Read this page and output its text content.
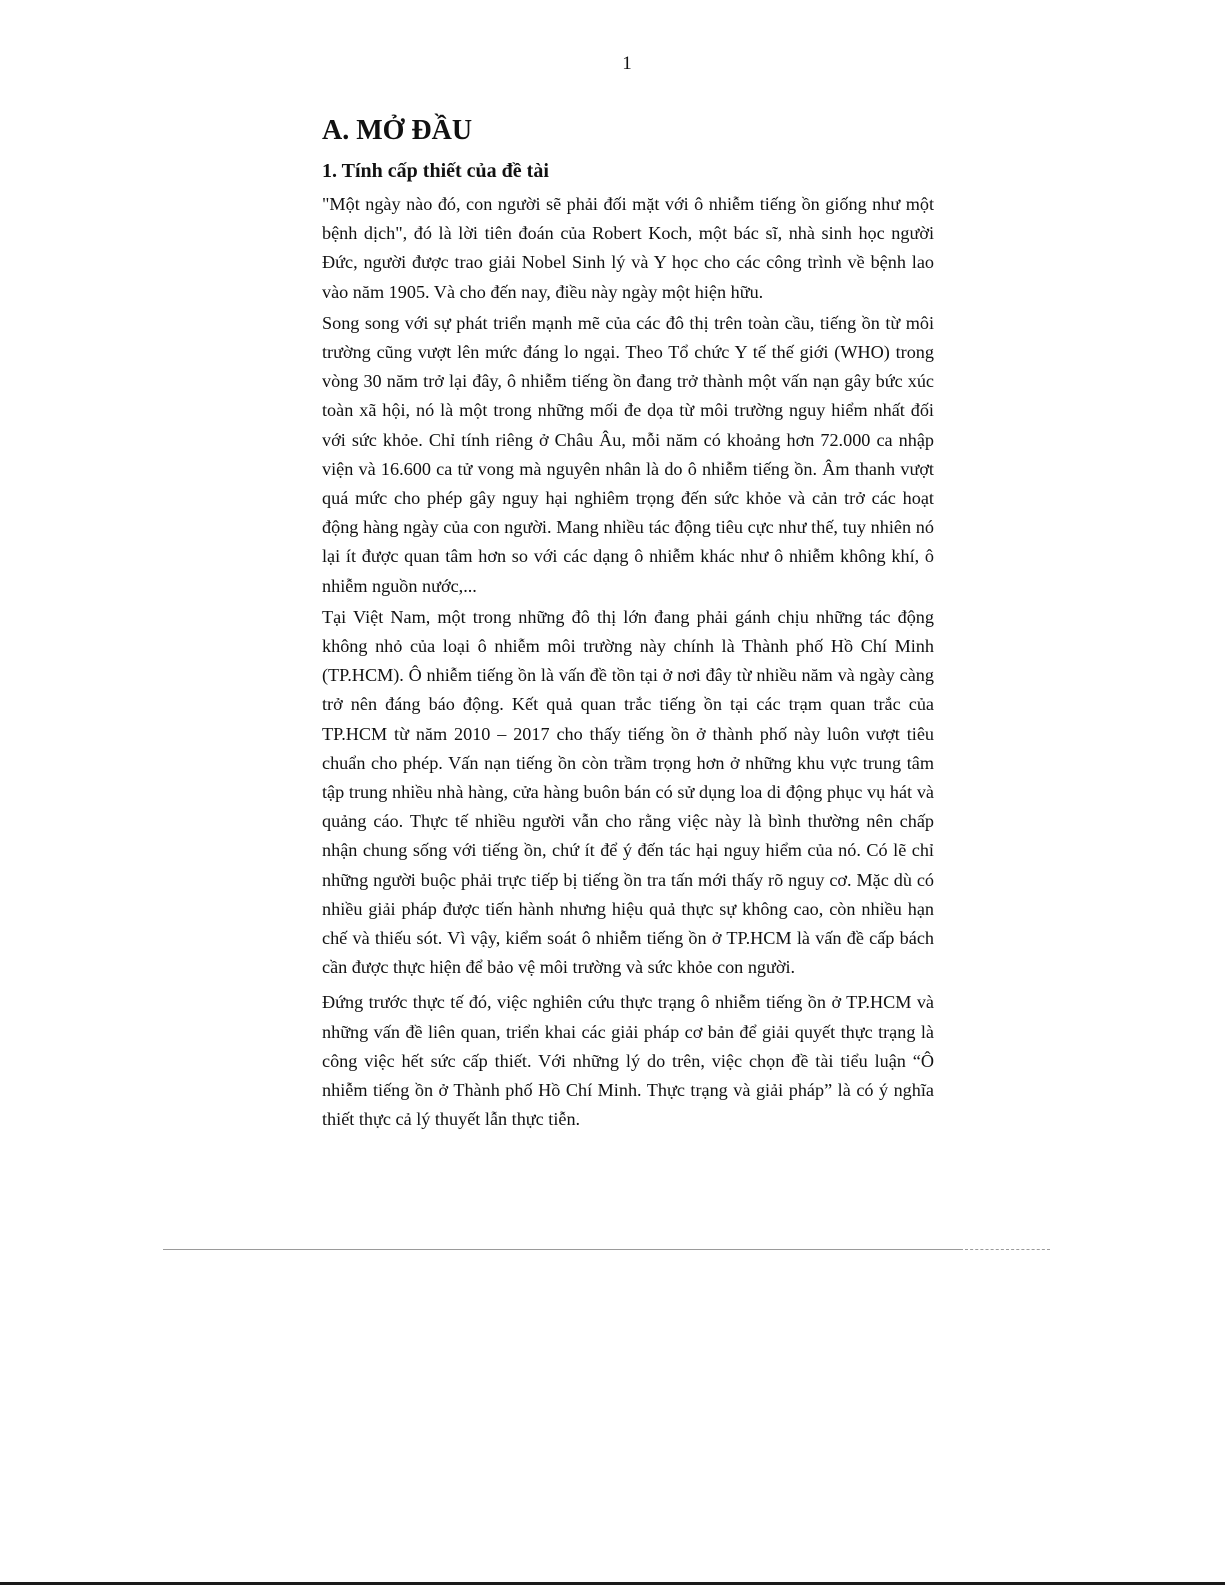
1
A. MỞ ĐẦU
1. Tính cấp thiết của đề tài

"Một ngày nào đó, con người sẽ phải đối mặt với ô nhiễm tiếng ồn giống như một bệnh dịch", đó là lời tiên đoán của Robert Koch, một bác sĩ, nhà sinh học người Đức, người được trao giải Nobel Sinh lý và Y học cho các công trình về bệnh lao vào năm 1905. Và cho đến nay, điều này ngày một hiện hữu.

Song song với sự phát triển mạnh mẽ của các đô thị trên toàn cầu, tiếng ồn từ môi trường cũng vượt lên mức đáng lo ngại. Theo Tổ chức Y tế thế giới (WHO) trong vòng 30 năm trở lại đây, ô nhiễm tiếng ồn đang trở thành một vấn nạn gây bức xúc toàn xã hội, nó là một trong những mối đe dọa từ môi trường nguy hiểm nhất đối với sức khỏe. Chỉ tính riêng ở Châu Âu, mỗi năm có khoảng hơn 72.000 ca nhập viện và 16.600 ca tử vong mà nguyên nhân là do ô nhiễm tiếng ồn. Âm thanh vượt quá mức cho phép gây nguy hại nghiêm trọng đến sức khỏe và cản trở các hoạt động hàng ngày của con người. Mang nhiều tác động tiêu cực như thế, tuy nhiên nó lại ít được quan tâm hơn so với các dạng ô nhiễm khác như ô nhiễm không khí, ô nhiễm nguồn nước,...

Tại Việt Nam, một trong những đô thị lớn đang phải gánh chịu những tác động không nhỏ của loại ô nhiễm môi trường này chính là Thành phố Hồ Chí Minh (TP.HCM). Ô nhiễm tiếng ồn là vấn đề tồn tại ở nơi đây từ nhiều năm và ngày càng trở nên đáng báo động. Kết quả quan trắc tiếng ồn tại các trạm quan trắc của TP.HCM từ năm 2010 – 2017 cho thấy tiếng ồn ở thành phố này luôn vượt tiêu chuẩn cho phép. Vấn nạn tiếng ồn còn trầm trọng hơn ở những khu vực trung tâm tập trung nhiều nhà hàng, cửa hàng buôn bán có sử dụng loa di động phục vụ hát và quảng cáo. Thực tế nhiều người vẫn cho rằng việc này là bình thường nên chấp nhận chung sống với tiếng ồn, chứ ít để ý đến tác hại nguy hiểm của nó. Có lẽ chỉ những người buộc phải trực tiếp bị tiếng ồn tra tấn mới thấy rõ nguy cơ. Mặc dù có nhiều giải pháp được tiến hành nhưng hiệu quả thực sự không cao, còn nhiều hạn chế và thiếu sót. Vì vậy, kiểm soát ô nhiễm tiếng ồn ở TP.HCM là vấn đề cấp bách cần được thực hiện để bảo vệ môi trường và sức khỏe con người.

Đứng trước thực tế đó, việc nghiên cứu thực trạng ô nhiễm tiếng ồn ở TP.HCM và những vấn đề liên quan, triển khai các giải pháp cơ bản để giải quyết thực trạng là công việc hết sức cấp thiết. Với những lý do trên, việc chọn đề tài tiểu luận “Ô nhiễm tiếng ồn ở Thành phố Hồ Chí Minh. Thực trạng và giải pháp” là có ý nghĩa thiết thực cả lý thuyết lẫn thực tiễn.
